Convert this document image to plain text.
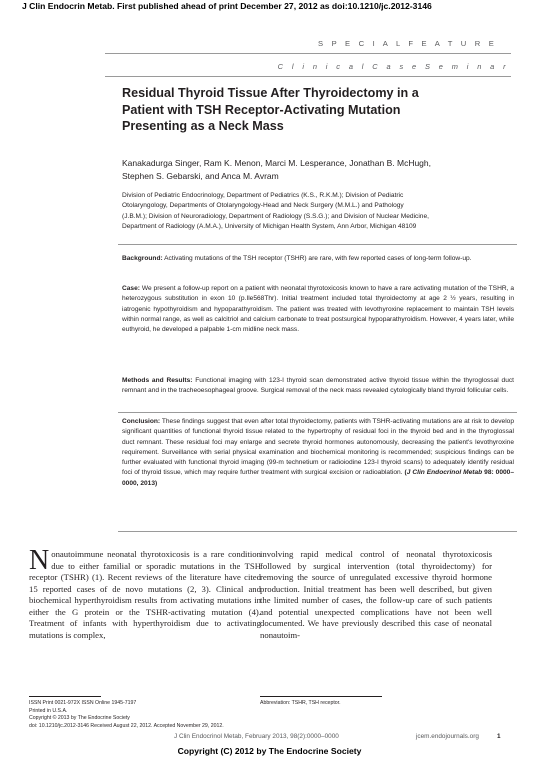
J Clin Endocrin Metab. First published ahead of print December 27, 2012 as doi:10.1210/jc.2012-3146
S P E C I A L F E A T U R E
C l i n i c a l C a s e S e m i n a r
Residual Thyroid Tissue After Thyroidectomy in a
Patient with TSH Receptor-Activating Mutation
Presenting as a Neck Mass
Kanakadurga Singer, Ram K. Menon, Marci M. Lesperance, Jonathan B. McHugh,
Stephen S. Gebarski, and Anca M. Avram
Division of Pediatric Endocrinology, Department of Pediatrics (K.S., R.K.M.); Division of Pediatric
Otolaryngology, Departments of Otolaryngology-Head and Neck Surgery (M.M.L.) and Pathology
(J.B.M.); Division of Neuroradiology, Department of Radiology (S.S.G.); and Division of Nuclear Medicine,
Department of Radiology (A.M.A.), University of Michigan Health System, Ann Arbor, Michigan 48109

Background: Activating mutations of the TSH receptor (TSHR) are rare, with few reported cases of long-term follow-up.

Case: We present a follow-up report on a patient with neonatal thyrotoxicosis known to have a rare activating mutation of the TSHR, a heterozygous substitution in exon 10 (p.Ile568Thr). Initial treatment included total thyroidectomy at age 2 ½ years, resulting in iatrogenic hypothyroidism and hypoparathyroidism. The patient was treated with levothyroxine replacement to maintain TSH levels within normal range, as well as calcitriol and calcium carbonate to treat postsurgical hypoparathyroidism. However, 4 years later, while euthyroid, he developed a palpable 1-cm midline neck mass.

Methods and Results: Functional imaging with 123-I thyroid scan demonstrated active thyroid tissue within the thyroglossal duct remnant and in the tracheoesophageal groove. Surgical removal of the neck mass revealed cytologically bland thyroid follicular cells.

Conclusion: These findings suggest that even after total thyroidectomy, patients with TSHR-activating mutations are at risk to develop significant quantities of functional thyroid tissue related to the hypertrophy of residual foci in the thyroid bed and in the thyroglossal duct remnant. These residual foci may enlarge and secrete thyroid hormones autonomously, decreasing the patient's levothyroxine requirement. Surveillance with serial physical examination and biochemical monitoring is recommended; suspicious findings can be further evaluated with functional thyroid imaging (99-m technetium or radioiodine 123-I thyroid scans) to adequately identify residual foci of thyroid tissue, which may require further treatment with surgical excision or radioablation. (J Clin Endocrinol Metab 98: 0000–0000, 2013)

Nonautoimmune neonatal thyrotoxicosis is a rare condition due to either familial or sporadic mutations in the TSH receptor (TSHR) (1). Recent reviews of the literature have cited 15 reported cases of de novo mutations (2, 3). Clinical and biochemical hyperthyroidism results from activating mutations in either the G protein or the TSHR-activating mutation (4). Treatment of infants with hyperthyroidism due to activating mutations is complex,
involving rapid medical control of neonatal thyrotoxicosis followed by surgical intervention (total thyroidectomy) for removing the source of unregulated excessive thyroid hormone production. Initial treatment has been well described, but given the limited number of cases, the follow-up care of such patients and potential unexpected complications have not been well documented. We have previously described this case of neonatal nonautoim-
ISSN Print 0021-972X ISSN Online 1945-7197
Printed in U.S.A.
Copyright © 2013 by The Endocrine Society
doi: 10.1210/jc.2012-3146 Received August 22, 2012. Accepted November 29, 2012.
Abbreviation: TSHR, TSH receptor.
J Clin Endocrinol Metab, February 2013, 98(2):0000–0000	jcem.endojournals.org	1
Copyright (C) 2012 by The Endocrine Society
